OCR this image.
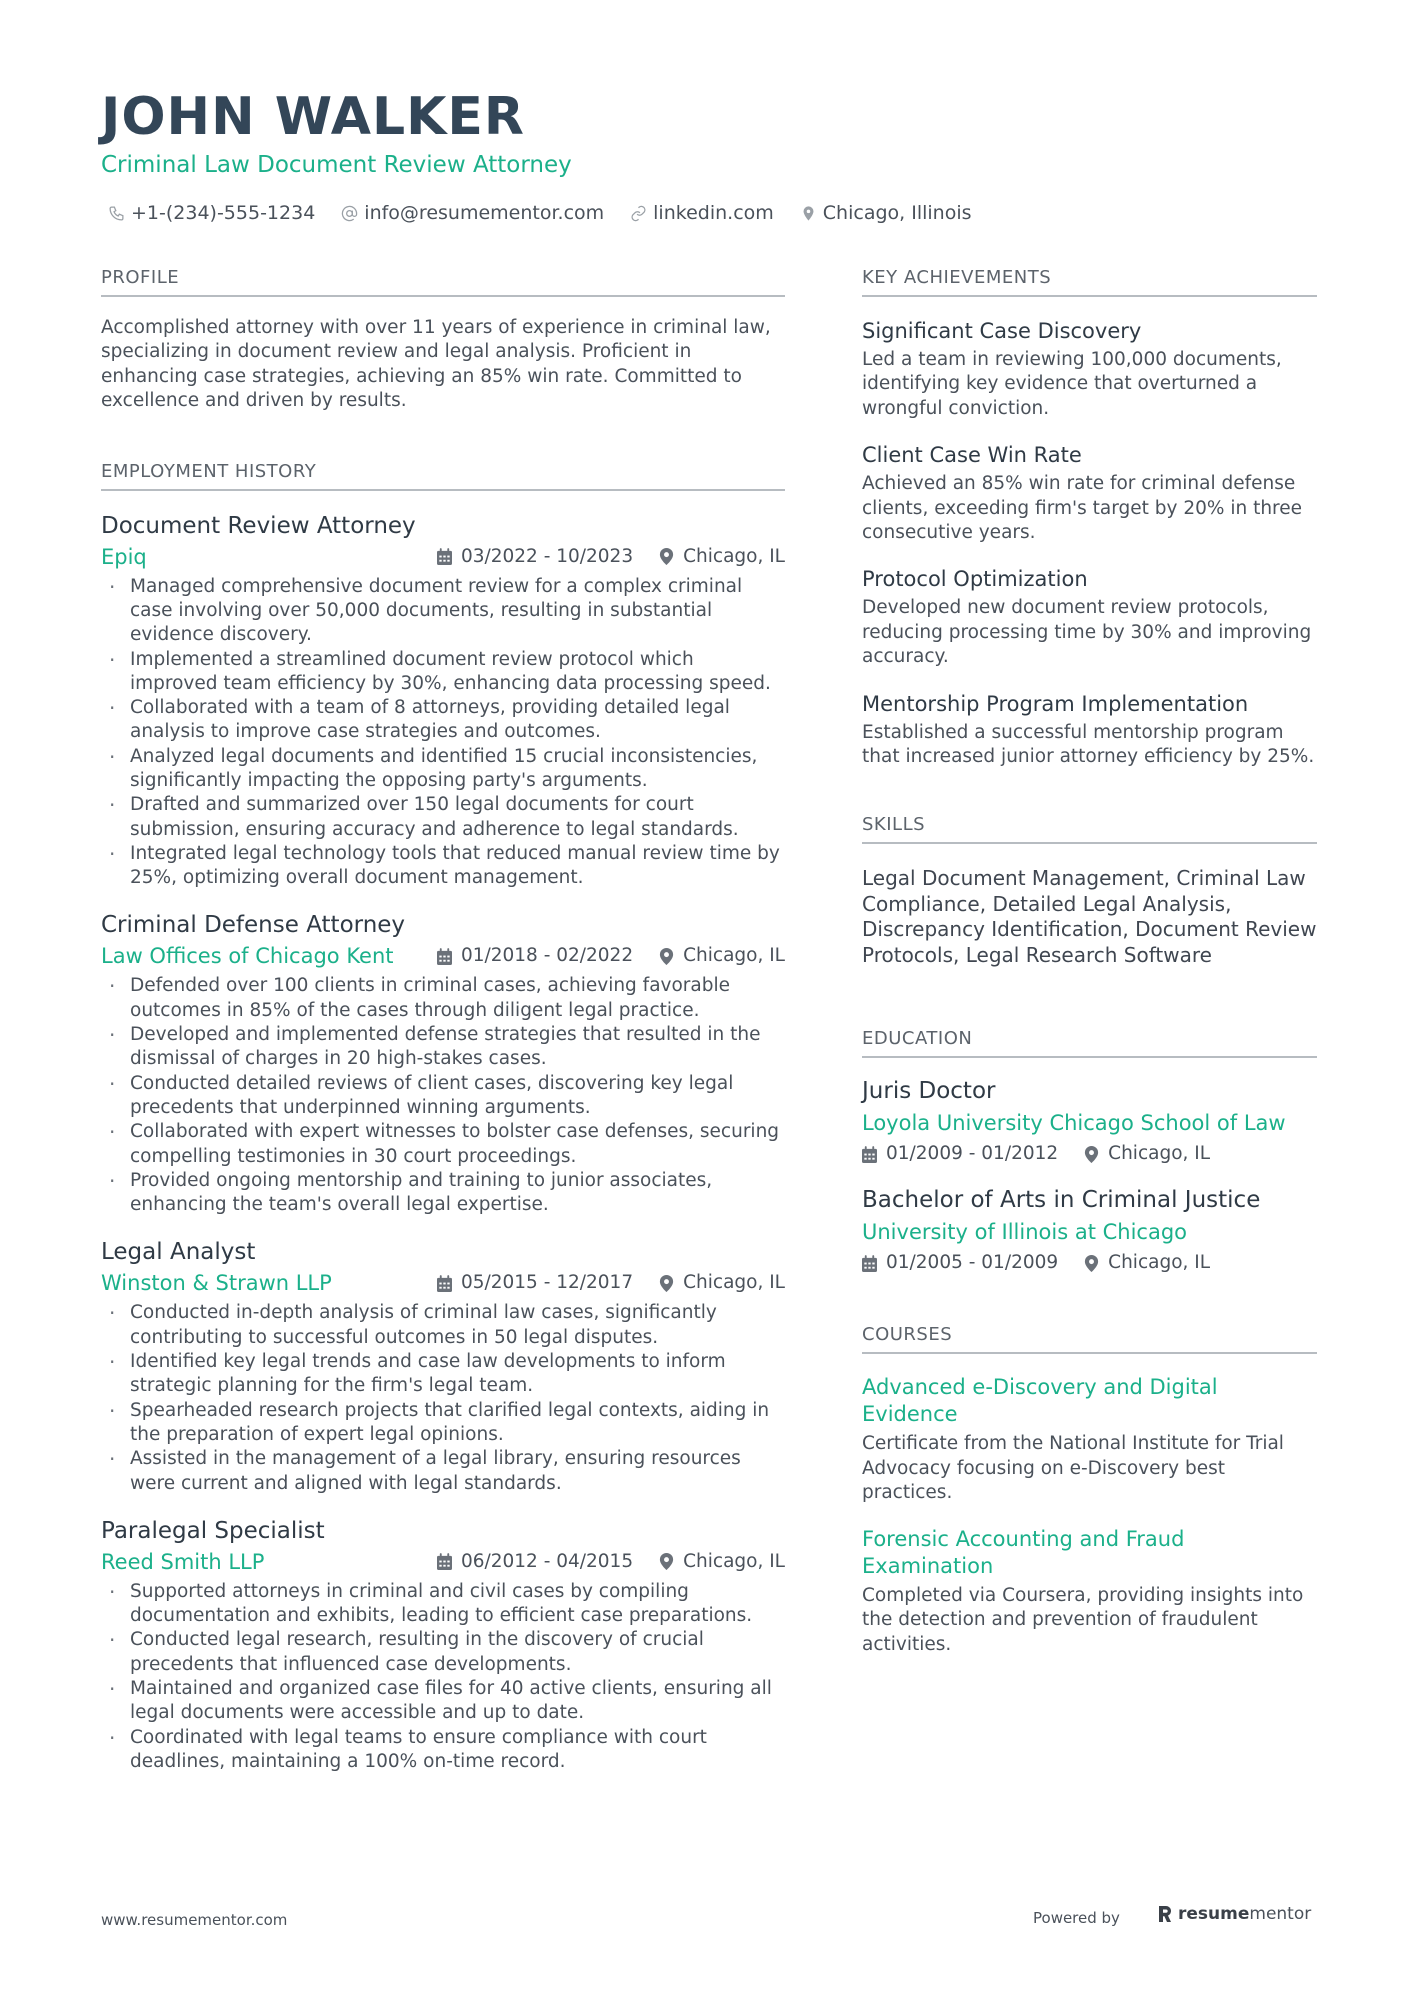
JOHN WALKER
Criminal Law Document Review Attorney
+1-(234)-555-1234	info@resumementor.com	linkedin.com	Chicago, Illinois
PROFILE
Accomplished attorney with over 11 years of experience in criminal law, specializing in document review and legal analysis. Proficient in enhancing case strategies, achieving an 85% win rate. Committed to excellence and driven by results.
EMPLOYMENT HISTORY
Document Review Attorney
Epiq	03/2022 - 10/2023	Chicago, IL
· Managed comprehensive document review for a complex criminal case involving over 50,000 documents, resulting in substantial evidence discovery.
· Implemented a streamlined document review protocol which improved team efficiency by 30%, enhancing data processing speed.
· Collaborated with a team of 8 attorneys, providing detailed legal analysis to improve case strategies and outcomes.
· Analyzed legal documents and identified 15 crucial inconsistencies, significantly impacting the opposing party's arguments.
· Drafted and summarized over 150 legal documents for court submission, ensuring accuracy and adherence to legal standards.
· Integrated legal technology tools that reduced manual review time by 25%, optimizing overall document management.
Criminal Defense Attorney
Law Offices of Chicago Kent	01/2018 - 02/2022	Chicago, IL
· Defended over 100 clients in criminal cases, achieving favorable outcomes in 85% of the cases through diligent legal practice.
· Developed and implemented defense strategies that resulted in the dismissal of charges in 20 high-stakes cases.
· Conducted detailed reviews of client cases, discovering key legal precedents that underpinned winning arguments.
· Collaborated with expert witnesses to bolster case defenses, securing compelling testimonies in 30 court proceedings.
· Provided ongoing mentorship and training to junior associates, enhancing the team's overall legal expertise.
Legal Analyst
Winston & Strawn LLP	05/2015 - 12/2017	Chicago, IL
· Conducted in-depth analysis of criminal law cases, significantly contributing to successful outcomes in 50 legal disputes.
· Identified key legal trends and case law developments to inform strategic planning for the firm's legal team.
· Spearheaded research projects that clarified legal contexts, aiding in the preparation of expert legal opinions.
· Assisted in the management of a legal library, ensuring resources were current and aligned with legal standards.
Paralegal Specialist
Reed Smith LLP	06/2012 - 04/2015	Chicago, IL
· Supported attorneys in criminal and civil cases by compiling documentation and exhibits, leading to efficient case preparations.
· Conducted legal research, resulting in the discovery of crucial precedents that influenced case developments.
· Maintained and organized case files for 40 active clients, ensuring all legal documents were accessible and up to date.
· Coordinated with legal teams to ensure compliance with court deadlines, maintaining a 100% on-time record.
KEY ACHIEVEMENTS
Significant Case Discovery
Led a team in reviewing 100,000 documents, identifying key evidence that overturned a wrongful conviction.
Client Case Win Rate
Achieved an 85% win rate for criminal defense clients, exceeding firm's target by 20% in three consecutive years.
Protocol Optimization
Developed new document review protocols, reducing processing time by 30% and improving accuracy.
Mentorship Program Implementation
Established a successful mentorship program that increased junior attorney efficiency by 25%.
SKILLS
Legal Document Management, Criminal Law Compliance, Detailed Legal Analysis, Discrepancy Identification, Document Review Protocols, Legal Research Software
EDUCATION
Juris Doctor
Loyola University Chicago School of Law
01/2009 - 01/2012	Chicago, IL
Bachelor of Arts in Criminal Justice
University of Illinois at Chicago
01/2005 - 01/2009	Chicago, IL
COURSES
Advanced e-Discovery and Digital Evidence
Certificate from the National Institute for Trial Advocacy focusing on e-Discovery best practices.
Forensic Accounting and Fraud Examination
Completed via Coursera, providing insights into the detection and prevention of fraudulent activities.
www.resumementor.com	Powered by	resume mentor
